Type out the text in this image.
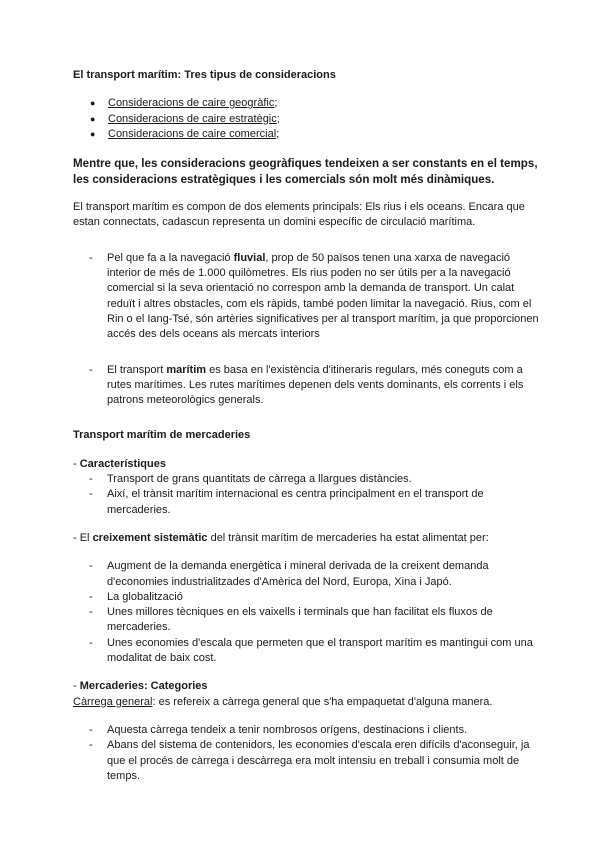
El transport marítim: Tres tipus de consideracions

● Consideracions de caire geogràfic;
● Consideracions de caire estratègic;
● Consideracions de caire comercial;

Mentre que, les consideracions geogràfiques tendeixen a ser constants en el temps, les consideracions estratègiques i les comercials són molt més dinàmiques.

El transport marítim es compon de dos elements principals: Els rius i els oceans. Encara que estan connectats, cadascun representa un domini específic de circulació marítima.

- Pel que fa a la navegació fluvial, prop de 50 països tenen una xarxa de navegació interior de més de 1.000 quilòmetres. Els rius poden no ser útils per a la navegació comercial si la seva orientació no correspon amb la demanda de transport. Un calat reduït i altres obstacles, com els ràpids, també poden limitar la navegació. Rius, com el Rin o el Iang-Tsé, són artèries significatives per al transport marítim, ja que proporcionen accés des dels oceans als mercats interiors
- El transport marítim es basa en l'existència d'itineraris regulars, més coneguts com a rutes marítimes. Les rutes marítimes depenen dels vents dominants, els corrents i els patrons meteorològics generals.

Transport marítim de mercaderies

- Característiques

- Transport de grans quantitats de càrrega a llargues distàncies.
- Així, el trànsit marítim internacional es centra principalment en el transport de mercaderies.

- El creixement sistemàtic del trànsit marítim de mercaderies ha estat alimentat per:

- Augment de la demanda energètica i mineral derivada de la creixent demanda d'economies industrialitzades d'Amèrica del Nord, Europa, Xina i Japó.
- La globalització
- Unes millores tècniques en els vaixells i terminals que han facilitat els fluxos de mercaderies.
- Unes economies d'escala que permeten que el transport marítim es mantingui com una modalitat de baix cost.

- Mercaderies: Categories

Càrrega general: es refereix a càrrega general que s'ha empaquetat d'alguna manera.

- Aquesta càrrega tendeix a tenir nombrosos orígens, destinacions i clients.
- Abans del sistema de contenidors, les economies d'escala eren difícils d'aconseguir, ja que el procés de càrrega i descàrrega era molt intensiu en treball i consumia molt de temps.
